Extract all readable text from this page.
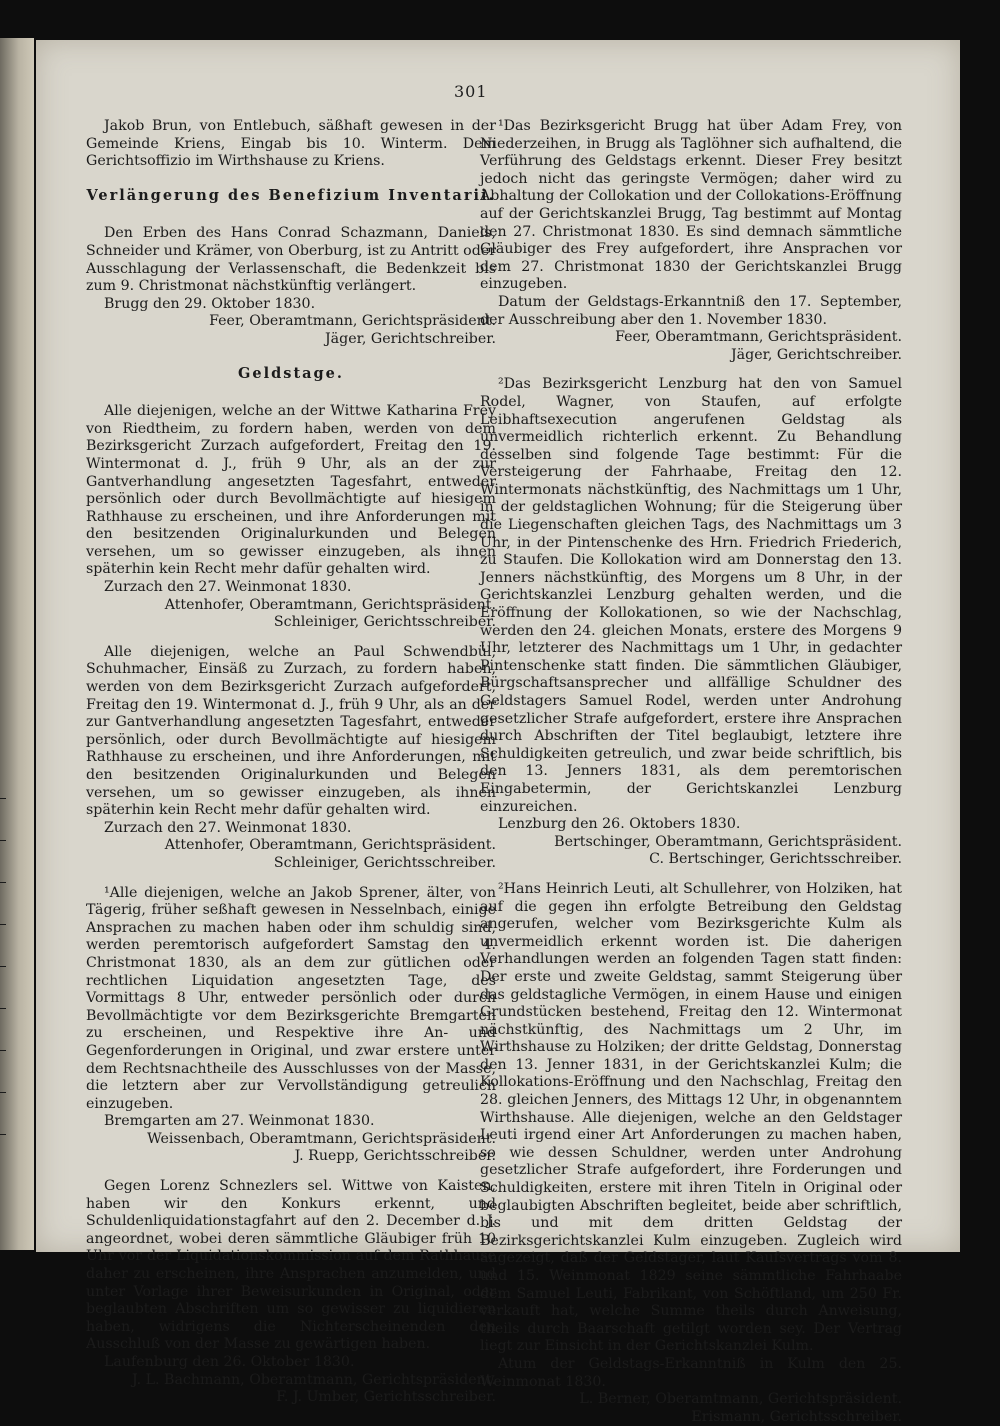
301

Jakob Brun, von Entlebuch, säßhaft gewesen in der Gemeinde Kriens, Eingab bis 10. Winterm. Dem Gerichtsoffizio im Wirthshause zu Kriens.

Verlängerung des Benefizium Inventarii.

Den Erben des Hans Conrad Schazmann, Daniels, Schneider und Krämer, von Oberburg, ist zu Antritt oder Ausschlagung der Verlassenschaft, die Bedenkzeit bis zum 9. Christmonat nächstkünftig verlängert.

Brugg den 29. Oktober 1830.

Feer, Oberamtmann, Gerichtspräsident.

Jäger, Gerichtschreiber.

Geldstage.

Alle diejenigen, welche an der Wittwe Katharina Frey von Riedtheim, zu fordern haben, werden von dem Bezirksgericht Zurzach aufgefordert, Freitag den 19. Wintermonat d. J., früh 9 Uhr, als an der zur Gantverhandlung angesetzten Tagesfahrt, entweder persönlich oder durch Bevollmächtigte auf hiesigem Rathhause zu erscheinen, und ihre Anforderungen mit den besitzenden Originalurkunden und Belegen versehen, um so gewisser einzugeben, als ihnen späterhin kein Recht mehr dafür gehalten wird.

Zurzach den 27. Weinmonat 1830.

Attenhofer, Oberamtmann, Gerichtspräsident.

Schleiniger, Gerichtsschreiber.

Alle diejenigen, welche an Paul Schwendbül, Schuhmacher, Einsäß zu Zurzach, zu fordern haben, werden von dem Bezirksgericht Zurzach aufgefordert, Freitag den 19. Wintermonat d. J., früh 9 Uhr, als an der zur Gantverhandlung angesetzten Tagesfahrt, entweder persönlich, oder durch Bevollmächtigte auf hiesigem Rathhause zu erscheinen, und ihre Anforderungen, mit den besitzenden Originalurkunden und Belegen versehen, um so gewisser einzugeben, als ihnen späterhin kein Recht mehr dafür gehalten wird.

Zurzach den 27. Weinmonat 1830.

Attenhofer, Oberamtmann, Gerichtspräsident.

Schleiniger, Gerichtsschreiber.

¹Alle diejenigen, welche an Jakob Sprener, älter, von Tägerig, früher seßhaft gewesen in Nesselnbach, einige Ansprachen zu machen haben oder ihm schuldig sind, werden peremtorisch aufgefordert Samstag den 4. Christmonat 1830, als an dem zur gütlichen oder rechtlichen Liquidation angesetzten Tage, des Vormittags 8 Uhr, entweder persönlich oder durch Bevollmächtigte vor dem Bezirksgerichte Bremgarten zu erscheinen, und Respektive ihre An- und Gegenforderungen in Original, und zwar erstere unter dem Rechtsnachtheile des Ausschlusses von der Masse, die letztern aber zur Vervollständigung getreulich einzugeben.

Bremgarten am 27. Weinmonat 1830.

Weissenbach, Oberamtmann, Gerichtspräsident.

J. Ruepp, Gerichtsschreiber.

Gegen Lorenz Schnezlers sel. Wittwe von Kaisten, haben wir den Konkurs erkennt, und Schuldenliquidationstagfahrt auf den 2. December d. J. angeordnet, wobei deren sämmtliche Gläubiger früh 10 Uhr vor der Liquidationskommission auf dem Rathhause daher zu erscheinen, ihre Ansprachen anzumelden, und unter Vorlage ihrer Beweisurkunden in Original, oder beglaubten Abschriften um so gewisser zu liquidieren haben, widrigens die Nichterscheinenden den Ausschluß von der Masse zu gewärtigen haben.

Laufenburg den 26. Oktober 1830.

J. L. Bachmann, Oberamtmann, Gerichtspräsident.

F. J. Umber, Gerichtsschreiber.

¹Das Bezirksgericht Brugg hat über Adam Frey, von Niederzeihen, in Brugg als Taglöhner sich aufhaltend, die Verführung des Geldstags erkennt. Dieser Frey besitzt jedoch nicht das geringste Vermögen; daher wird zu Abhaltung der Collokation und der Collokations-Eröffnung auf der Gerichtskanzlei Brugg, Tag bestimmt auf Montag den 27. Christmonat 1830. Es sind demnach sämmtliche Gläubiger des Frey aufgefordert, ihre Ansprachen vor dem 27. Christmonat 1830 der Gerichtskanzlei Brugg einzugeben.

Datum der Geldstags-Erkanntniß den 17. September, der Ausschreibung aber den 1. November 1830.

Feer, Oberamtmann, Gerichtspräsident.

Jäger, Gerichtschreiber.

²Das Bezirksgericht Lenzburg hat den von Samuel Rodel, Wagner, von Staufen, auf erfolgte Leibhaftsexecution angerufenen Geldstag als unvermeidlich richterlich erkennt. Zu Behandlung desselben sind folgende Tage bestimmt: Für die Versteigerung der Fahrhaabe, Freitag den 12. Wintermonats nächstkünftig, des Nachmittags um 1 Uhr, in der geldstaglichen Wohnung; für die Steigerung über die Liegenschaften gleichen Tags, des Nachmittags um 3 Uhr, in der Pintenschenke des Hrn. Friedrich Friederich, zu Staufen. Die Kollokation wird am Donnerstag den 13. Jenners nächstkünftig, des Morgens um 8 Uhr, in der Gerichtskanzlei Lenzburg gehalten werden, und die Eröffnung der Kollokationen, so wie der Nachschlag, werden den 24. gleichen Monats, erstere des Morgens 9 Uhr, letzterer des Nachmittags um 1 Uhr, in gedachter Pintenschenke statt finden. Die sämmtlichen Gläubiger, Bürgschaftsansprecher und allfällige Schuldner des Geldstagers Samuel Rodel, werden unter Androhung gesetzlicher Strafe aufgefordert, erstere ihre Ansprachen durch Abschriften der Titel beglaubigt, letztere ihre Schuldigkeiten getreulich, und zwar beide schriftlich, bis den 13. Jenners 1831, als dem peremtorischen Eingabetermin, der Gerichtskanzlei Lenzburg einzureichen.

Lenzburg den 26. Oktobers 1830.

Bertschinger, Oberamtmann, Gerichtspräsident.

C. Bertschinger, Gerichtsschreiber.

²Hans Heinrich Leuti, alt Schullehrer, von Holziken, hat auf die gegen ihn erfolgte Betreibung den Geldstag angerufen, welcher vom Bezirksgerichte Kulm als unvermeidlich erkennt worden ist. Die daherigen Verhandlungen werden an folgenden Tagen statt finden: Der erste und zweite Geldstag, sammt Steigerung über das geldstagliche Vermögen, in einem Hause und einigen Grundstücken bestehend, Freitag den 12. Wintermonat nächstkünftig, des Nachmittags um 2 Uhr, im Wirthshause zu Holziken; der dritte Geldstag, Donnerstag den 13. Jenner 1831, in der Gerichtskanzlei Kulm; die Kollokations-Eröffnung und den Nachschlag, Freitag den 28. gleichen Jenners, des Mittags 12 Uhr, in obgenanntem Wirthshause. Alle diejenigen, welche an den Geldstager Leuti irgend einer Art Anforderungen zu machen haben, so wie dessen Schuldner, werden unter Androhung gesetzlicher Strafe aufgefordert, ihre Forderungen und Schuldigkeiten, erstere mit ihren Titeln in Original oder beglaubigten Abschriften begleitet, beide aber schriftlich, bis und mit dem dritten Geldstag der Bezirksgerichtskanzlei Kulm einzugeben. Zugleich wird angezeigt, daß der Geldstager, laut Kaufsvertrags vom 8. und 15. Weinmonat 1829 seine sämmtliche Fahrhaabe dem Samuel Leuti, Fabrikant, von Schöftland, um 250 Fr. verkauft hat, welche Summe theils durch Anweisung, theils durch Baarschaft getilgt worden sey. Der Vertrag liegt zur Einsicht in der Gerichtskanzlei Kulm.

Atum der Geldstags-Erkanntniß in Kulm den 25. Weinmonat 1830.

L. Berner, Oberamtmann, Gerichtspräsident.

Erismann, Gerichtsschreiber.
